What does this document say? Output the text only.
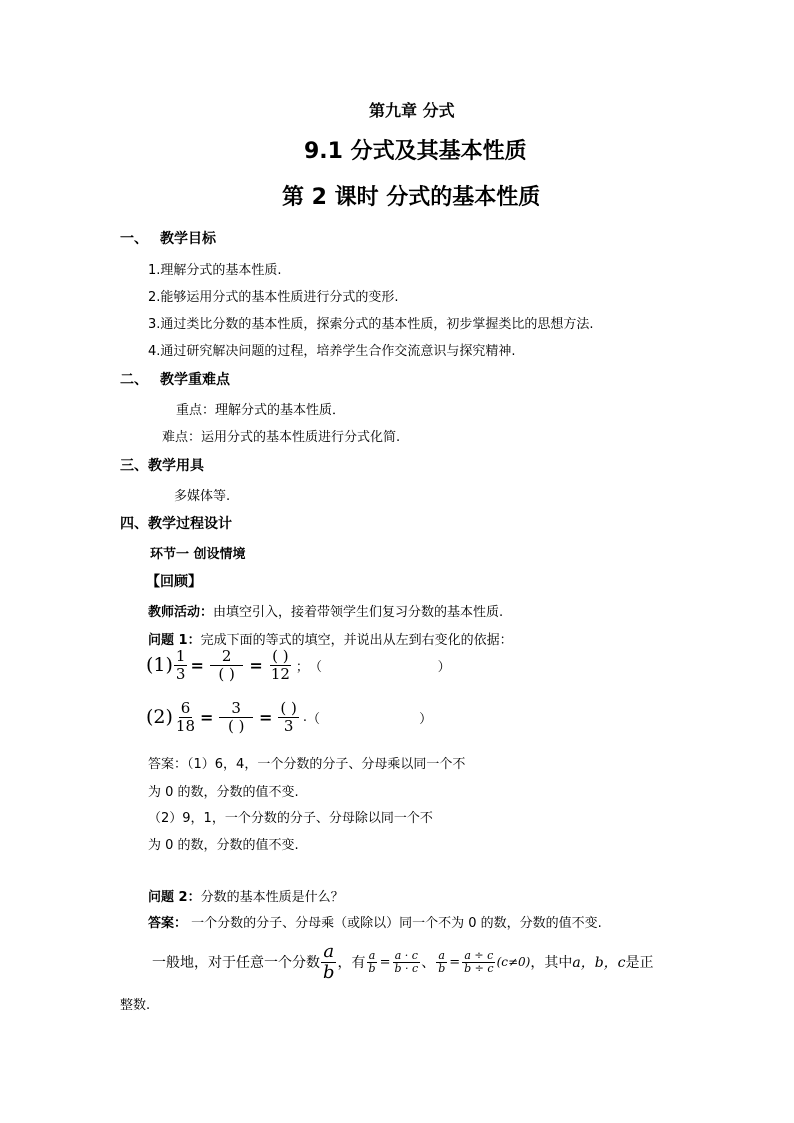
第九章 分式
9.1 分式及其基本性质
第 2 课时 分式的基本性质
一、 教学目标
1.理解分式的基本性质.
2.能够运用分式的基本性质进行分式的变形.
3.通过类比分数的基本性质，探索分式的基本性质，初步掌握类比的思想方法.
4.通过研究解决问题的过程，培养学生合作交流意识与探究精神.
二、 教学重难点
重点：理解分式的基本性质．
难点：运用分式的基本性质进行分式化简.
三、教学用具
多媒体等.
四、教学过程设计
环节一 创设情境
【回顾】
教师活动：由填空引入，接着带领学生们复习分数的基本性质.
问题 1：完成下面的等式的填空，并说出从左到右变化的依据：
$(1) \frac{1}{3} = \frac{2}{( )} = \frac{( )}{12}$ ； （                            ）
$(2) \frac{6}{18} = \frac{3}{( )} = \frac{( )}{3}$ . （                        ）
答案：（1）6，4，一个分数的分子、分母乘以同一个不
为 0 的数，分数的值不变.
（2）9，1，一个分数的分子、分母除以同一个不
为 0 的数，分数的值不变.
问题 2：分数的基本性质是什么？
答案： 一个分数的分子、分母乘（或除以）同一个不为 0 的数，分数的值不变.
一般地，对于任意一个分数 $\frac{a}{b}$ ，有 $\frac{a}{b} = \frac{a \cdot c}{b \cdot c}$ 、 $\frac{a}{b} = \frac{a \div c}{b \div c} (c\ne 0)$ ，其中 a，b，c 是正
整数.
